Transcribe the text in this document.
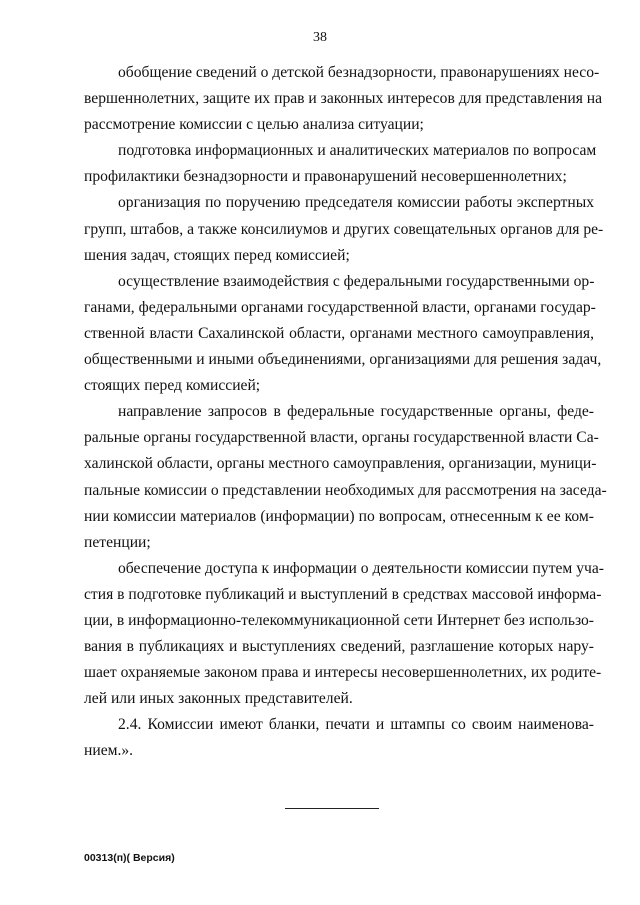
38
обобщение сведений о детской безнадзорности, правонарушениях несо-
вершеннолетних, защите их прав и законных интересов для представления на
рассмотрение комиссии с целью анализа ситуации;
подготовка информационных и аналитических материалов по вопросам
профилактики безнадзорности и правонарушений несовершеннолетних;
организация по поручению председателя комиссии работы экспертных
групп, штабов, а также консилиумов и других совещательных органов для ре-
шения задач, стоящих перед комиссией;
осуществление взаимодействия с федеральными государственными ор-
ганами, федеральными органами государственной власти, органами государ-
ственной власти Сахалинской области, органами местного самоуправления,
общественными и иными объединениями, организациями для решения задач,
стоящих перед комиссией;
направление запросов в федеральные государственные органы, феде-
ральные органы государственной власти, органы государственной власти Са-
халинской области, органы местного самоуправления, организации, муници-
пальные комиссии о представлении необходимых для рассмотрения на заседа-
нии комиссии материалов (информации) по вопросам, отнесенным к ее ком-
петенции;
обеспечение доступа к информации о деятельности комиссии путем уча-
стия в подготовке публикаций и выступлений в средствах массовой информа-
ции, в информационно-телекоммуникационной сети Интернет без использо-
вания в публикациях и выступлениях сведений, разглашение которых нару-
шает охраняемые законом права и интересы несовершеннолетних, их родите-
лей или иных законных представителей.
2.4. Комиссии имеют бланки, печати и штампы со своим наименова-
нием.».
00313(п)( Версия)
